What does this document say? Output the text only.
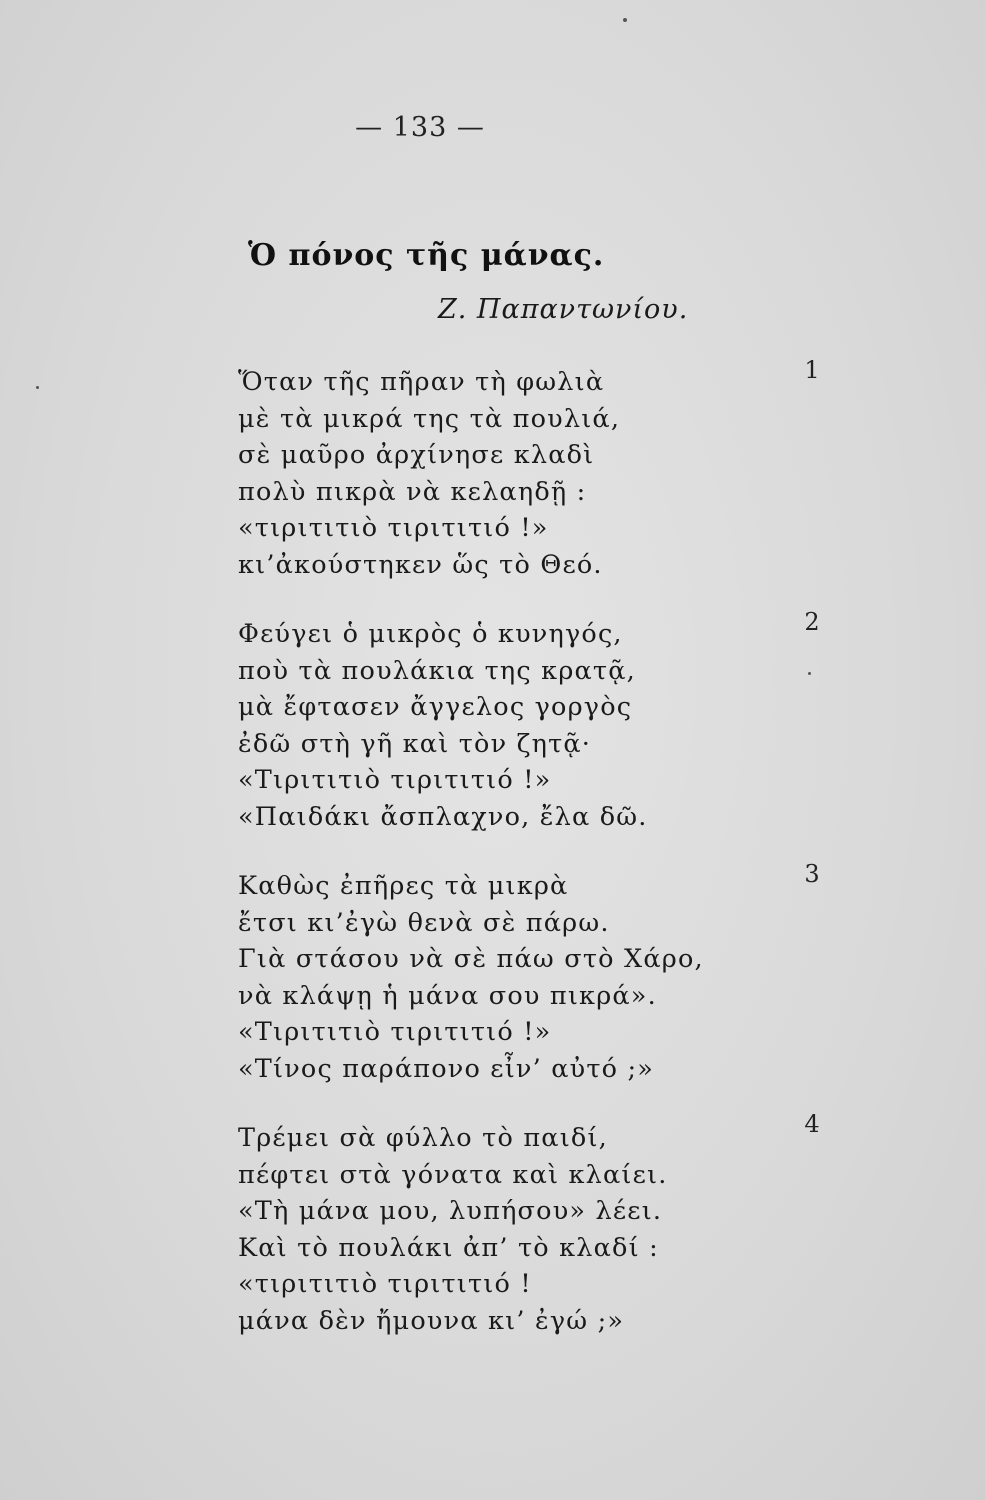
— 133 —
Ὁ πόνος τῆς μάνας.
Ζ. Παπαντωνίου.
Ὅταν τῆς πῆραν τὴ φωλιὰ
μὲ τὰ μικρά της τὰ πουλιά,
σὲ μαῦρο ἀρχίνησε κλαδὶ
πολὺ πικρὰ νὰ κελαηδῇ :
«τιριτιτιὸ τιριτιτιό !»
κι’ἀκούστηκεν ὥς τὸ Θεό.
1
Φεύγει ὁ μικρὸς ὁ κυνηγός,
ποὺ τὰ πουλάκια της κρατᾷ,
μὰ ἔφτασεν ἄγγελος γοργὸς
ἐδῶ στὴ γῆ καὶ τὸν ζητᾷ·
«Τιριτιτιὸ τιριτιτιό !»
«Παιδάκι ἄσπλαχνο, ἔλα δῶ.
2
Καθὼς ἐπῆρες τὰ μικρὰ
ἔτσι κι’ἐγὼ θενὰ σὲ πάρω.
Γιὰ στάσου νὰ σὲ πάω στὸ Χάρο,
νὰ κλάψῃ ἡ μάνα σου πικρά».
«Τιριτιτιὸ τιριτιτιό !»
«Τίνος παράπονο εἶν’ αὐτό ;»
3
Τρέμει σὰ φύλλο τὸ παιδί,
πέφτει στὰ γόνατα καὶ κλαίει.
«Τὴ μάνα μου, λυπήσου» λέει.
Καὶ τὸ πουλάκι ἀπ’ τὸ κλαδί :
«τιριτιτιὸ τιριτιτιό !
μάνα δὲν ἤμουνα κι’ ἐγώ ;»
4
